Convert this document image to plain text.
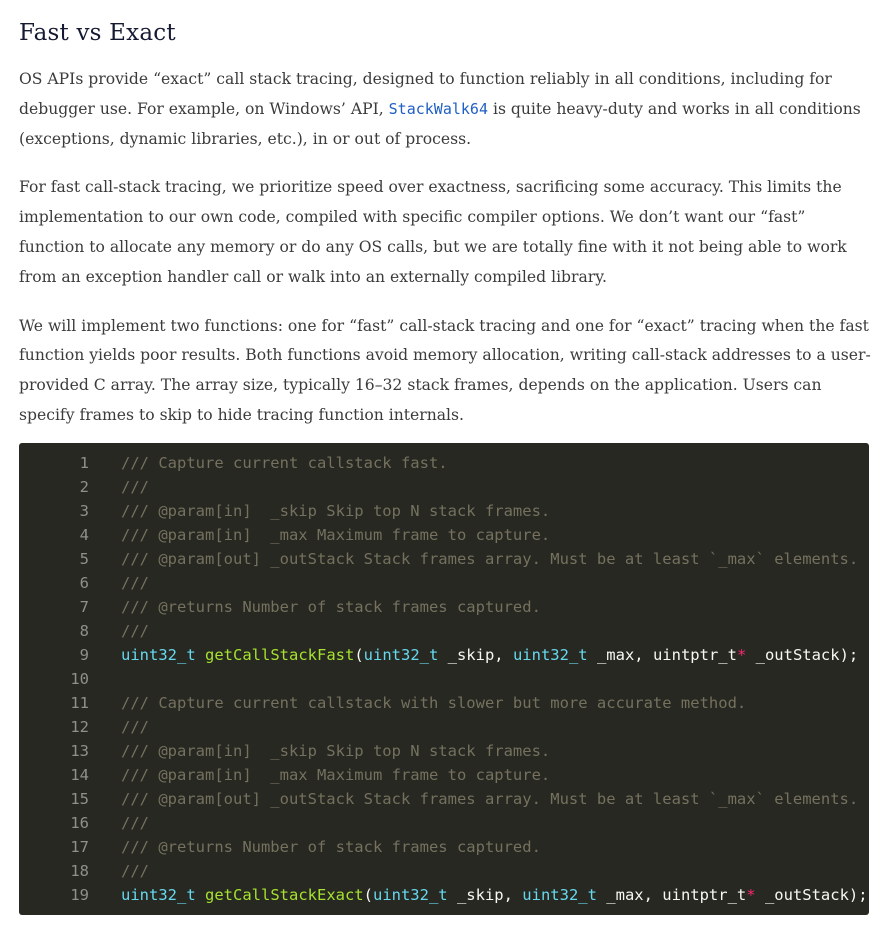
Fast vs Exact

OS APIs provide “exact” call stack tracing, designed to function reliably in all conditions, including for debugger use. For example, on Windows’ API, StackWalk64 is quite heavy-duty and works in all conditions (exceptions, dynamic libraries, etc.), in or out of process.

For fast call-stack tracing, we prioritize speed over exactness, sacrificing some accuracy. This limits the implementation to our own code, compiled with specific compiler options. We don’t want our “fast” function to allocate any memory or do any OS calls, but we are totally fine with it not being able to work from an exception handler call or walk into an externally compiled library.

We will implement two functions: one for “fast” call-stack tracing and one for “exact” tracing when the fast function yields poor results. Both functions avoid memory allocation, writing call-stack addresses to a user-provided C array. The array size, typically 16–32 stack frames, depends on the application. Users can specify frames to skip to hide tracing function internals.

1	/// Capture current callstack fast.
2	///
3	/// @param[in]  _skip Skip top N stack frames.
4	/// @param[in]  _max Maximum frame to capture.
5	/// @param[out] _outStack Stack frames array. Must be at least `_max` elements.
6	///
7	/// @returns Number of stack frames captured.
8	///
9	uint32_t getCallStackFast(uint32_t _skip, uint32_t _max, uintptr_t* _outStack);
10
11	/// Capture current callstack with slower but more accurate method.
12	///
13	/// @param[in]  _skip Skip top N stack frames.
14	/// @param[in]  _max Maximum frame to capture.
15	/// @param[out] _outStack Stack frames array. Must be at least `_max` elements.
16	///
17	/// @returns Number of stack frames captured.
18	///
19	uint32_t getCallStackExact(uint32_t _skip, uint32_t _max, uintptr_t* _outStack);
